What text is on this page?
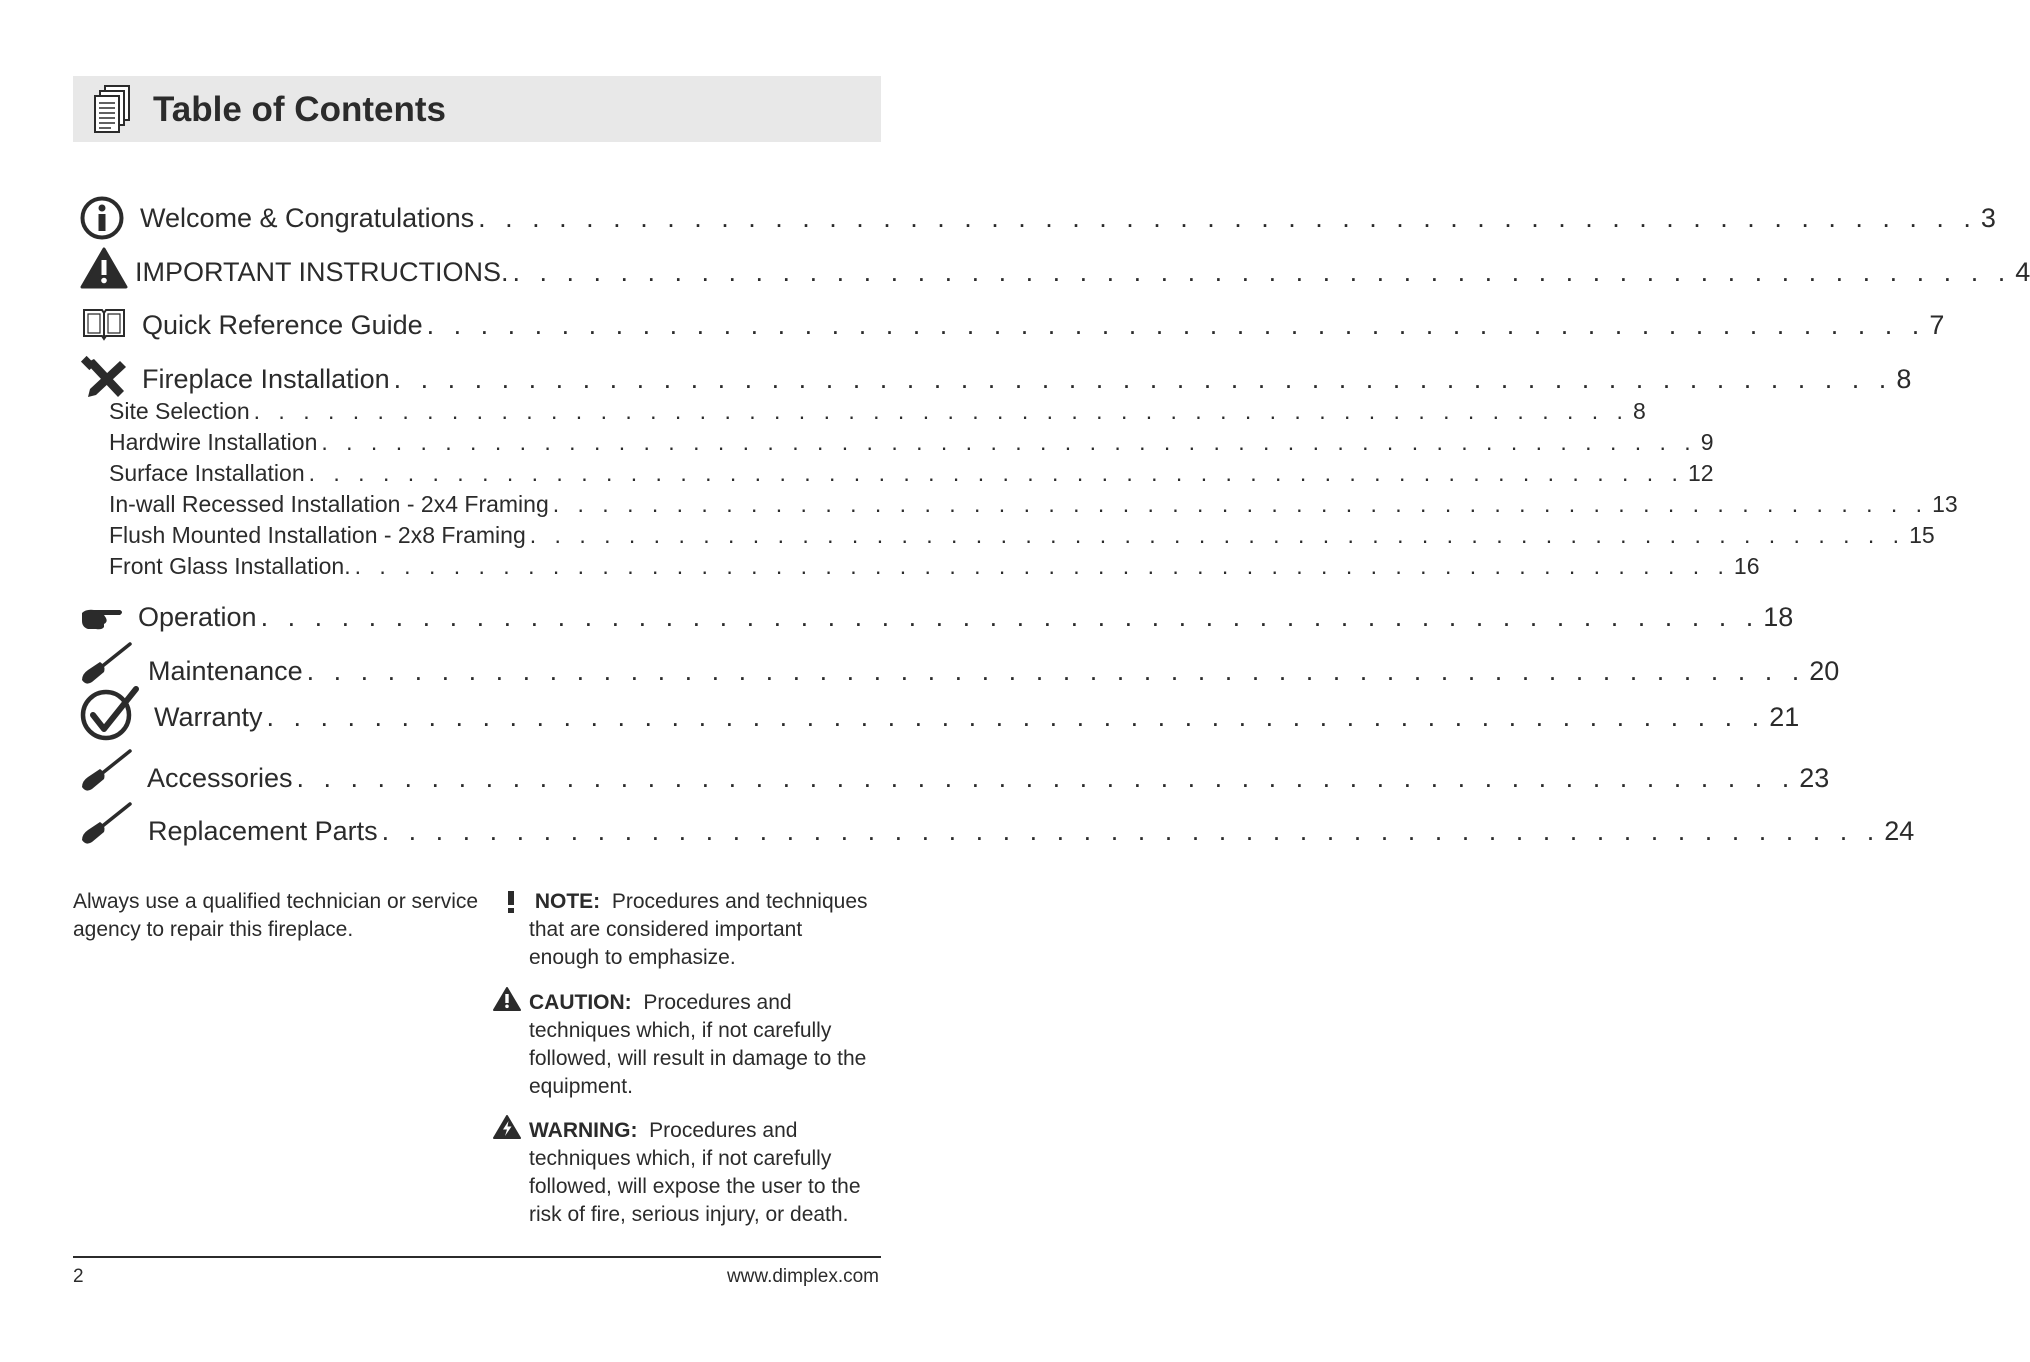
Table of Contents
Welcome & Congratulations . . . . . . . . . . . . . . . . . . . . . . . . . . . . . . . . . . . . . . . . . . . . . . . . . . . . . . . . 3
IMPORTANT INSTRUCTIONS. . . . . . . . . . . . . . . . . . . . . . . . . . . . . . . . . . . . . . . . . . . . . . . . . . . . . . . . . 4
Quick Reference Guide . . . . . . . . . . . . . . . . . . . . . . . . . . . . . . . . . . . . . . . . . . . . . . . . . . . . . . . . 7
Fireplace Installation . . . . . . . . . . . . . . . . . . . . . . . . . . . . . . . . . . . . . . . . . . . . . . . . . . . . . . . . 8
Site Selection . . . . . . . . . . . . . . . . . . . . . . . . . . . . . . . . . . . . . . . . . . . . . . . . . . . . . . . . 8
Hardwire Installation . . . . . . . . . . . . . . . . . . . . . . . . . . . . . . . . . . . . . . . . . . . . . . . . . . . . . . . . 9
Surface Installation . . . . . . . . . . . . . . . . . . . . . . . . . . . . . . . . . . . . . . . . . . . . . . . . . . . . . . . . 12
In-wall Recessed Installation - 2x4 Framing . . . . . . . . . . . . . . . . . . . . . . . . . . . . . . . . . . . . . . . . . . . . . . . . . . . . . . . . 13
Flush Mounted Installation - 2x8 Framing . . . . . . . . . . . . . . . . . . . . . . . . . . . . . . . . . . . . . . . . . . . . . . . . . . . . . . . . 15
Front Glass Installation. . . . . . . . . . . . . . . . . . . . . . . . . . . . . . . . . . . . . . . . . . . . . . . . . . . . . . . . . 16
Operation . . . . . . . . . . . . . . . . . . . . . . . . . . . . . . . . . . . . . . . . . . . . . . . . . . . . . . . . 18
Maintenance . . . . . . . . . . . . . . . . . . . . . . . . . . . . . . . . . . . . . . . . . . . . . . . . . . . . . . . . 20
Warranty . . . . . . . . . . . . . . . . . . . . . . . . . . . . . . . . . . . . . . . . . . . . . . . . . . . . . . . . 21
Accessories . . . . . . . . . . . . . . . . . . . . . . . . . . . . . . . . . . . . . . . . . . . . . . . . . . . . . . . . 23
Replacement Parts . . . . . . . . . . . . . . . . . . . . . . . . . . . . . . . . . . . . . . . . . . . . . . . . . . . . . . . . 24
Always use a qualified technician or service agency to repair this fireplace.
NOTE: Procedures and techniques that are considered important enough to emphasize.
CAUTION: Procedures and techniques which, if not carefully followed, will result in damage to the equipment.
WARNING: Procedures and techniques which, if not carefully followed, will expose the user to the risk of fire, serious injury, or death.
2	www.dimplex.com
